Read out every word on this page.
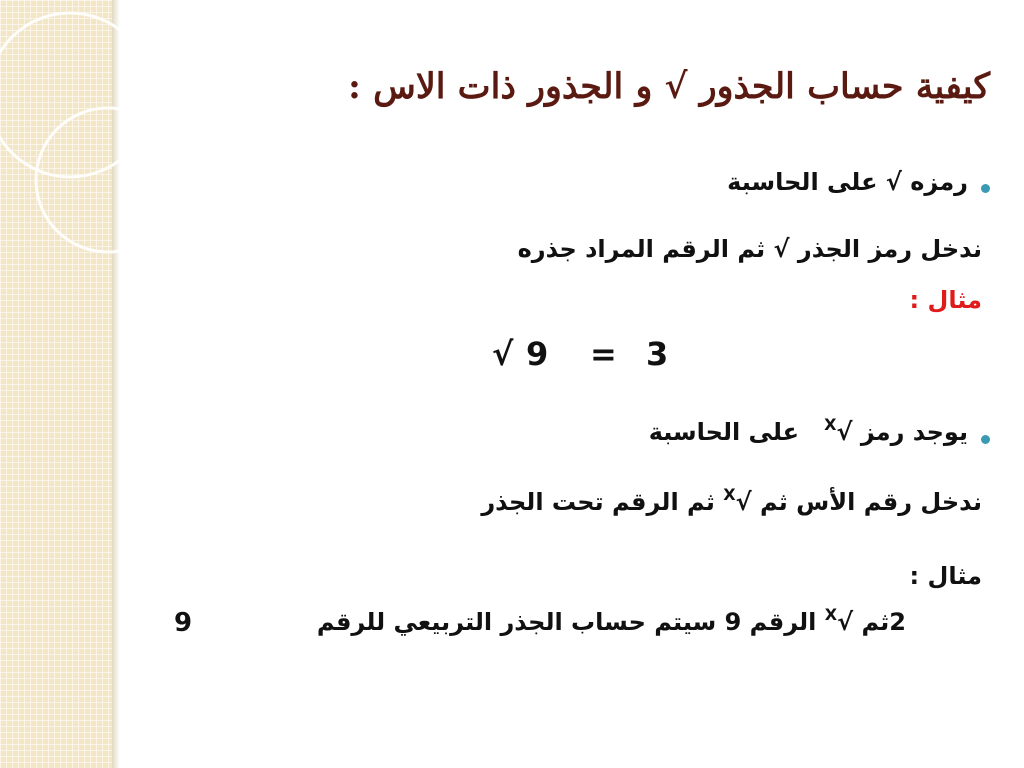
كيفية حساب الجذور √ و الجذور ذات الاس :
رمزه √ على الحاسبة
ندخل رمز الجذر √ ثم الرقم المراد جذره
مثال :
√ 9 = 3
يوجد رمز √$^X$   على الحاسبة
ندخل رقم الأس ثم √$^X$ ثم الرقم تحت الجذر
مثال :
2ثم √$^X$ الرقم 9 سيتم حساب الجذر التربيعي للرقم
9
